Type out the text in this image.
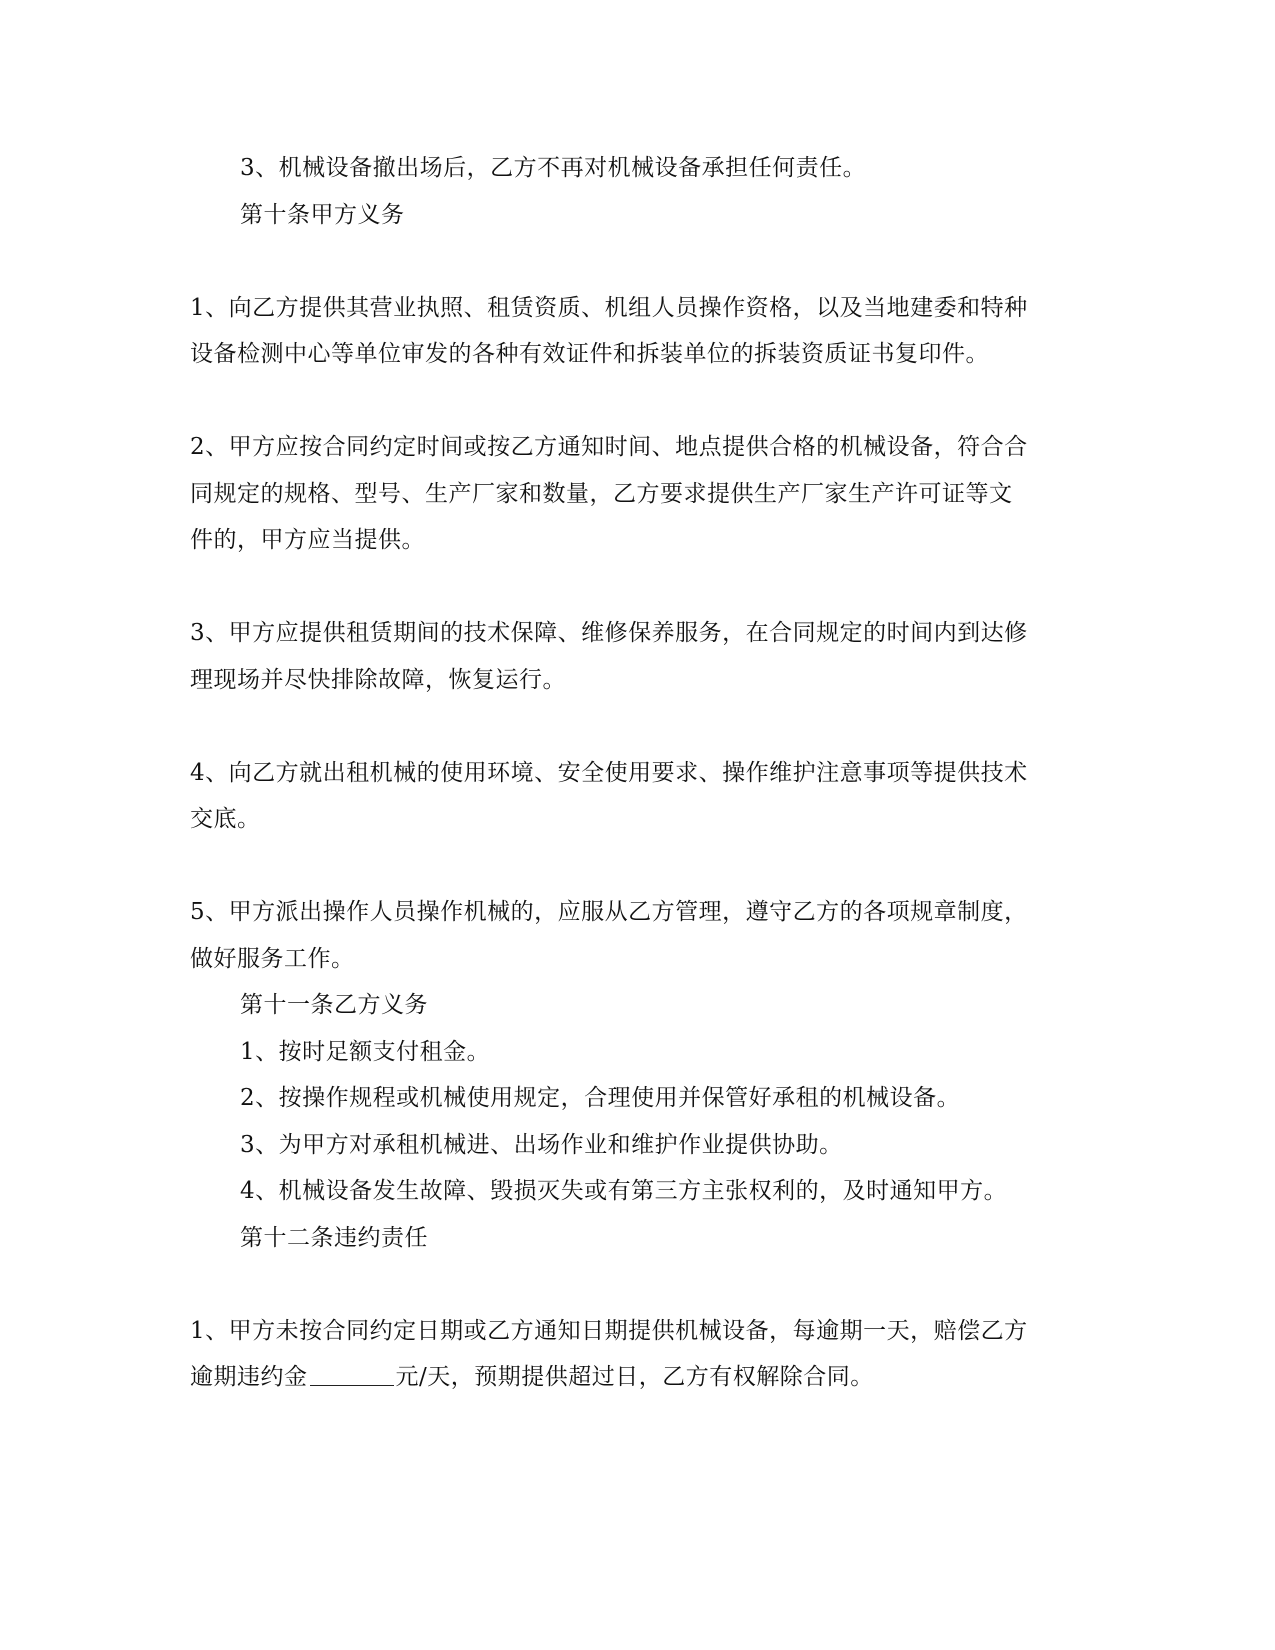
3、机械设备撤出场后，乙方不再对机械设备承担任何责任。

第十条甲方义务

1、向乙方提供其营业执照、租赁资质、机组人员操作资格，以及当地建委和特种

设备检测中心等单位审发的各种有效证件和拆装单位的拆装资质证书复印件。

2、甲方应按合同约定时间或按乙方通知时间、地点提供合格的机械设备，符合合

同规定的规格、型号、生产厂家和数量，乙方要求提供生产厂家生产许可证等文

件的，甲方应当提供。

3、甲方应提供租赁期间的技术保障、维修保养服务，在合同规定的时间内到达修

理现场并尽快排除故障，恢复运行。

4、向乙方就出租机械的使用环境、安全使用要求、操作维护注意事项等提供技术

交底。

5、甲方派出操作人员操作机械的，应服从乙方管理，遵守乙方的各项规章制度，

做好服务工作。

第十一条乙方义务

1、按时足额支付租金。

2、按操作规程或机械使用规定，合理使用并保管好承租的机械设备。

3、为甲方对承租机械进、出场作业和维护作业提供协助。

4、机械设备发生故障、毁损灭失或有第三方主张权利的，及时通知甲方。

第十二条违约责任

1、甲方未按合同约定日期或乙方通知日期提供机械设备，每逾期一天，赔偿乙方

逾期违约金	元/天，预期提供超过日，乙方有权解除合同。
